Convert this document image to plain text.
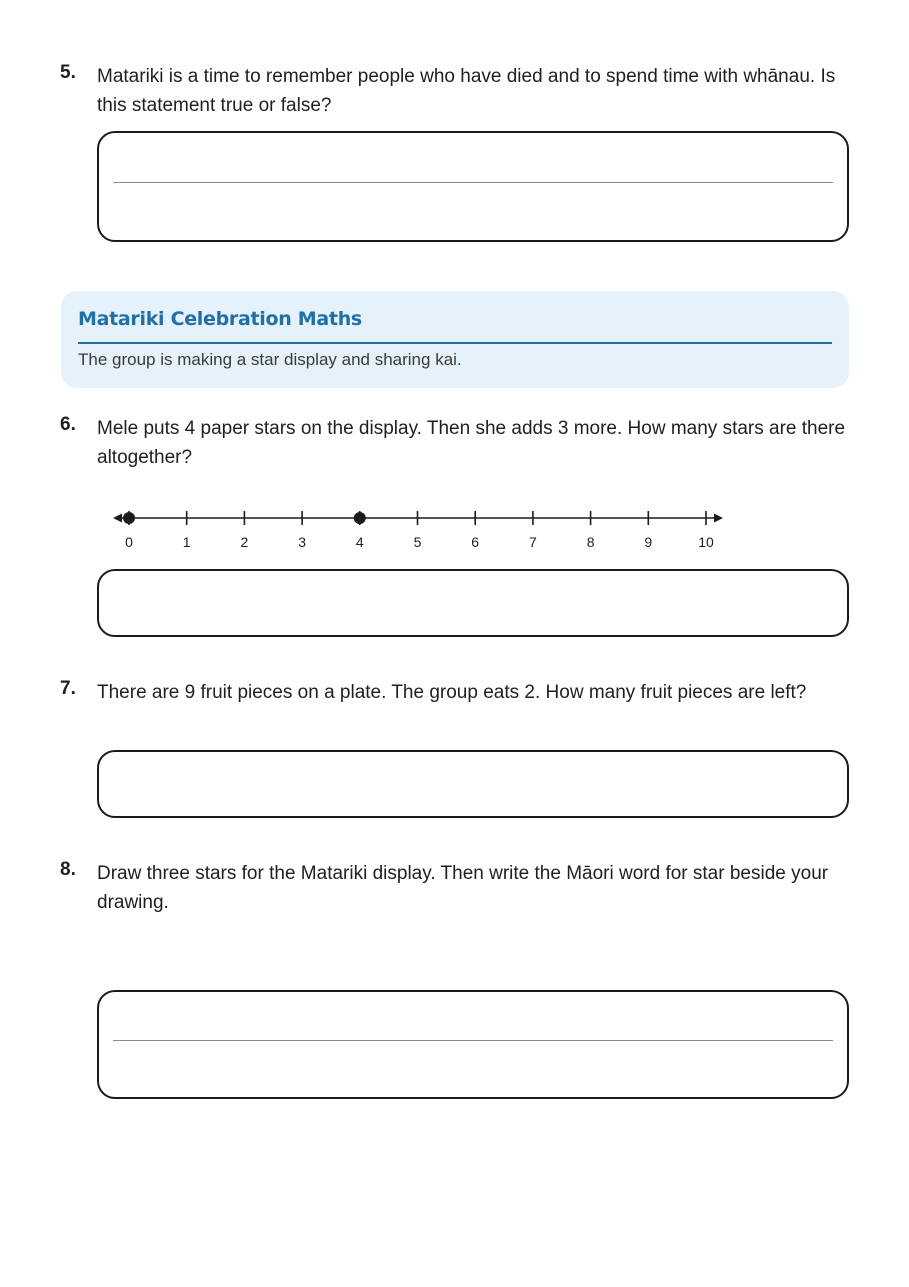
5. Matariki is a time to remember people who have died and to spend time with whānau. Is this statement true or false?
Matariki Celebration Maths
The group is making a star display and sharing kai.
6. Mele puts 4 paper stars on the display. Then she adds 3 more. How many stars are there altogether?
0	1	2	3	4	5	6	7	8	9	10
7. There are 9 fruit pieces on a plate. The group eats 2. How many fruit pieces are left?
8. Draw three stars for the Matariki display. Then write the Māori word for star beside your drawing.
